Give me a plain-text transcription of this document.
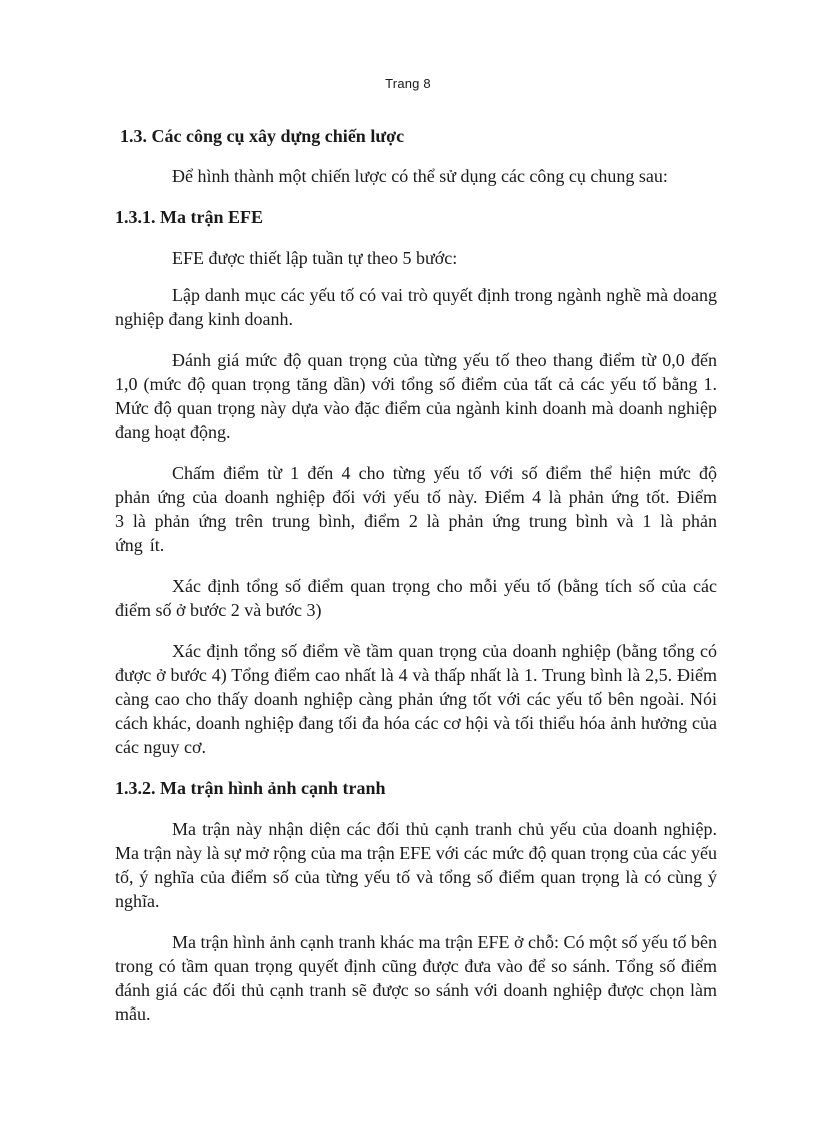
Trang 8

1.3. Các công cụ xây dựng chiến lược

Để hình thành một chiến lược có thể sử dụng các công cụ chung sau:

1.3.1. Ma trận EFE

EFE được thiết lập tuần tự theo 5 bước:

Lập danh mục các yếu tố có vai trò quyết định trong ngành nghề mà doang nghiệp đang kinh doanh.

Đánh giá mức độ quan trọng của từng yếu tố theo thang điểm từ 0,0 đến 1,0 (mức độ quan trọng tăng dần) với tổng số điểm của tất cả các yếu tố bằng 1. Mức độ quan trọng này dựa vào đặc điểm của ngành kinh doanh mà doanh nghiệp đang hoạt động.

Chấm điểm từ 1 đến 4 cho từng yếu tố với số điểm thể hiện mức độ phản ứng của doanh nghiệp đối với yếu tố này. Điểm 4 là phản ứng tốt. Điểm 3 là phản ứng trên trung bình, điểm 2 là phản ứng trung bình và 1 là phản ứng ít.

Xác định tổng số điểm quan trọng cho mỗi yếu tố (bằng tích số của các điểm số ở bước 2 và bước 3)

Xác định tổng số điểm về tầm quan trọng của doanh nghiệp (bằng tổng có được ở bước 4) Tổng điểm cao nhất là 4 và thấp nhất là 1. Trung bình là 2,5. Điểm càng cao cho thấy doanh nghiệp càng phản ứng tốt với các yếu tố bên ngoài. Nói cách khác, doanh nghiệp đang tối đa hóa các cơ hội và tối thiểu hóa ảnh hưởng của các nguy cơ.

1.3.2. Ma trận hình ảnh cạnh tranh

Ma trận này nhận diện các đối thủ cạnh tranh chủ yếu của doanh nghiệp. Ma trận này là sự mở rộng của ma trận EFE với các mức độ quan trọng của các yếu tố, ý nghĩa của điểm số của từng yếu tố và tổng số điểm quan trọng là có cùng ý nghĩa.

Ma trận hình ảnh cạnh tranh khác ma trận EFE ở chỗ: Có một số yếu tố bên trong có tầm quan trọng quyết định cũng được đưa vào để so sánh. Tổng số điểm đánh giá các đối thủ cạnh tranh sẽ được so sánh với doanh nghiệp được chọn làm mẫu.
